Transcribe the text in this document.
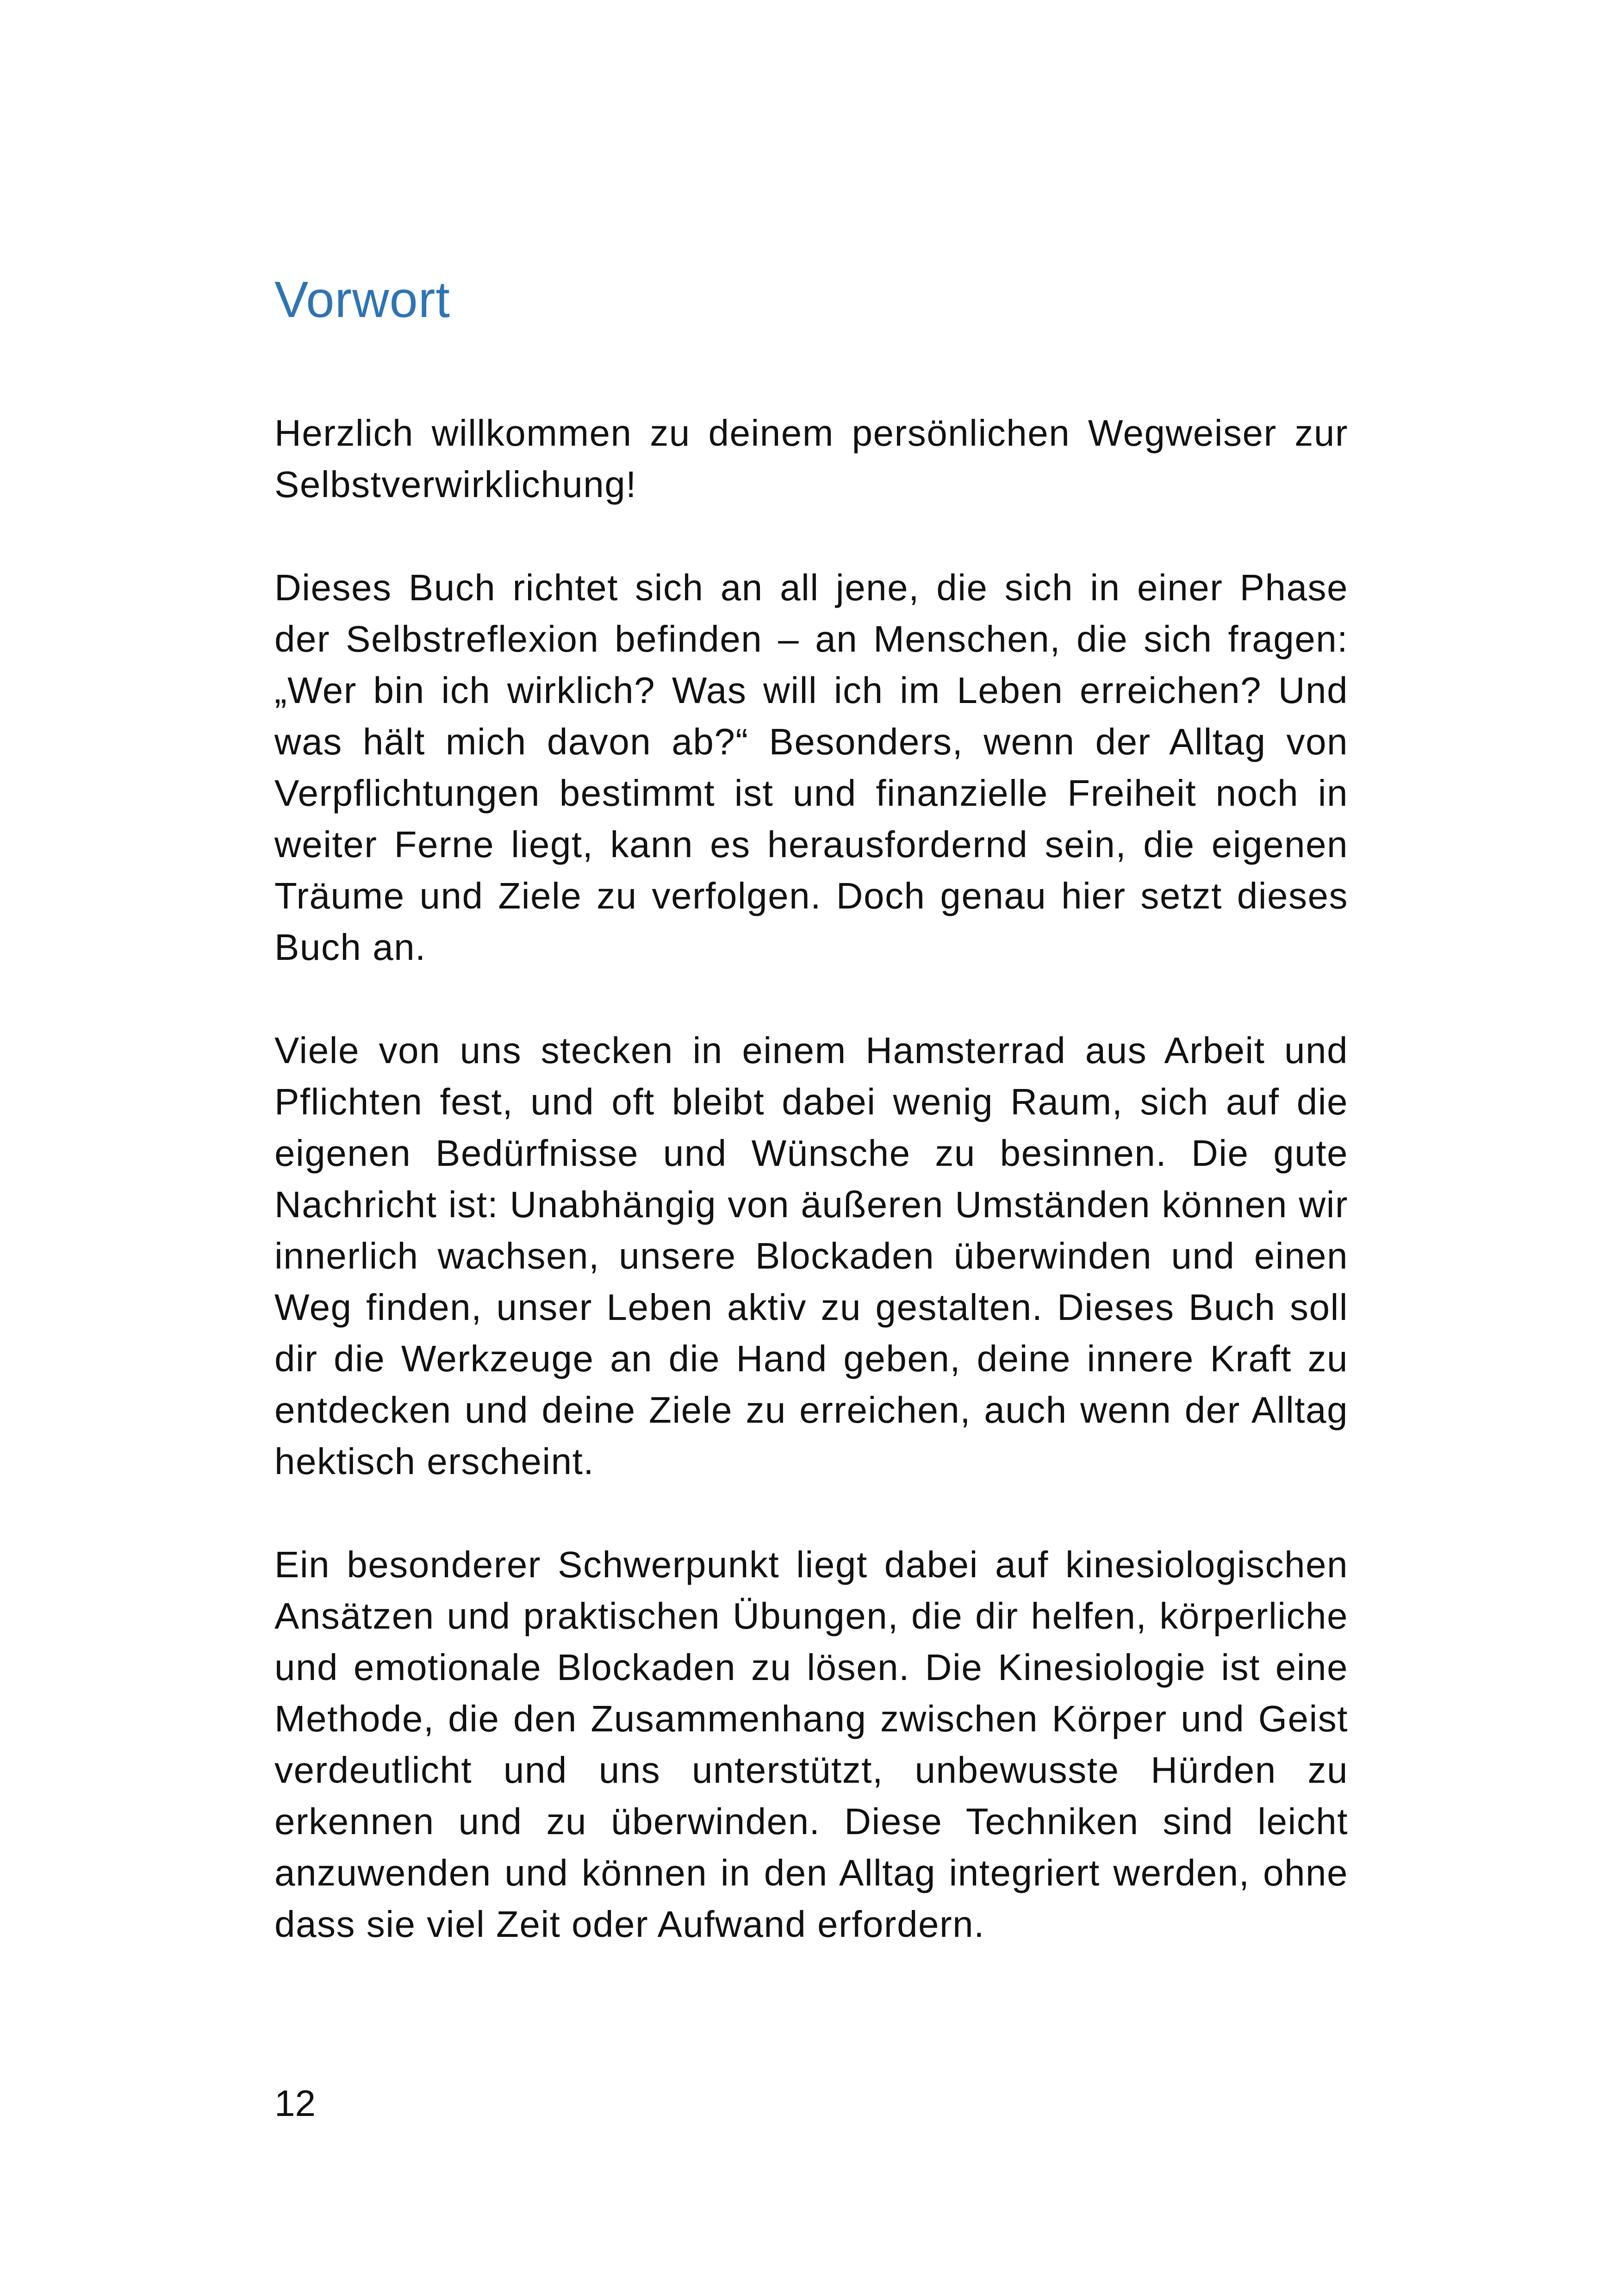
Vorwort

Herzlich willkommen zu deinem persönlichen Wegweiser zur Selbstverwirklichung!

Dieses Buch richtet sich an all jene, die sich in einer Phase der Selbstreflexion befinden – an Menschen, die sich fragen: „Wer bin ich wirklich? Was will ich im Leben erreichen? Und was hält mich davon ab?“ Besonders, wenn der Alltag von Verpflichtungen bestimmt ist und finanzielle Freiheit noch in weiter Ferne liegt, kann es herausfordernd sein, die eigenen Träume und Ziele zu verfolgen. Doch genau hier setzt dieses Buch an.

Viele von uns stecken in einem Hamsterrad aus Arbeit und Pflichten fest, und oft bleibt dabei wenig Raum, sich auf die eigenen Bedürfnisse und Wünsche zu besinnen. Die gute Nachricht ist: Unabhängig von äußeren Umständen können wir innerlich wachsen, unsere Blockaden überwinden und einen Weg finden, unser Leben aktiv zu gestalten. Dieses Buch soll dir die Werkzeuge an die Hand geben, deine innere Kraft zu entdecken und deine Ziele zu erreichen, auch wenn der Alltag hektisch erscheint.

Ein besonderer Schwerpunkt liegt dabei auf kinesiologischen Ansätzen und praktischen Übungen, die dir helfen, körperliche und emotionale Blockaden zu lösen. Die Kinesiologie ist eine Methode, die den Zusammenhang zwischen Körper und Geist verdeutlicht und uns unterstützt, unbewusste Hürden zu erkennen und zu überwinden. Diese Techniken sind leicht anzuwenden und können in den Alltag integriert werden, ohne dass sie viel Zeit oder Aufwand erfordern.

12
